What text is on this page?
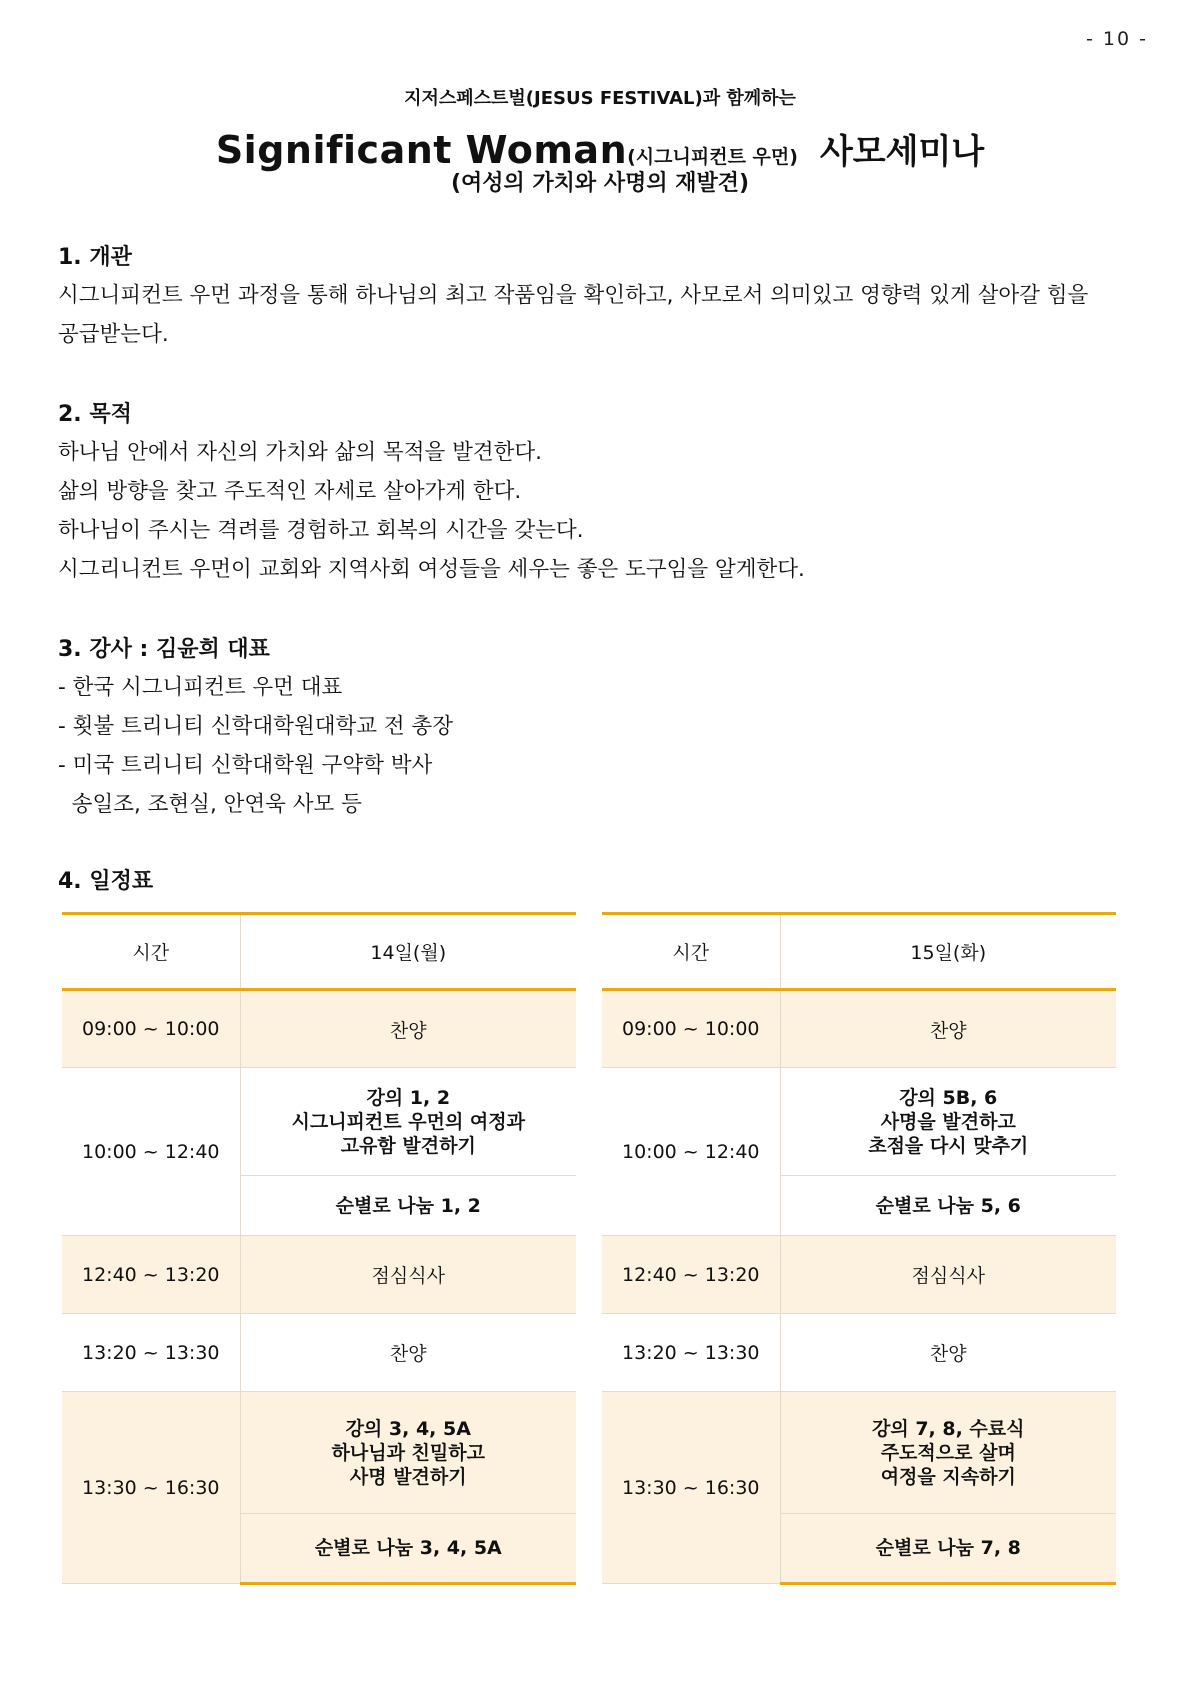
- 10 -
지저스페스트벌(JESUS FESTIVAL)과 함께하는
Significant Woman(시그니피컨트 우먼) 사모세미나
(여성의 가치와 사명의 재발견)

1. 개관

시그니피컨트 우먼 과정을 통해 하나님의 최고 작품임을 확인하고, 사모로서 의미있고 영향력 있게 살아갈 힘을 공급받는다.

2. 목적

하나님 안에서 자신의 가치와 삶의 목적을 발견한다.

삶의 방향을 찾고 주도적인 자세로 살아가게 한다.

하나님이 주시는 격려를 경험하고 회복의 시간을 갖는다.

시그리니컨트 우먼이 교회와 지역사회 여성들을 세우는 좋은 도구임을 알게한다.

3. 강사 : 김윤희 대표

- 한국 시그니피컨트 우먼 대표

- 횟불 트리니티 신학대학원대학교 전 총장

- 미국 트리니티 신학대학원 구약학 박사

송일조, 조현실, 안연욱 사모 등

4. 일정표

시간	14일(월)
09:00 ~ 10:00	찬양
10:00 ~ 12:40	강의 1, 2
시그니피컨트 우먼의 여정과
고유함 발견하기

	순별로 나눔 1, 2
12:40 ~ 13:20	점심식사
13:20 ~ 13:30	찬양
13:30 ~ 16:30	강의 3, 4, 5A
하나님과 친밀하고
사명 발견하기

	순별로 나눔 3, 4, 5A
시간	15일(화)
09:00 ~ 10:00	찬양
10:00 ~ 12:40	강의 5B, 6
사명을 발견하고
초점을 다시 맞추기

	순별로 나눔 5, 6
12:40 ~ 13:20	점심식사
13:20 ~ 13:30	찬양
13:30 ~ 16:30	강의 7, 8, 수료식
주도적으로 살며
여정을 지속하기

	순별로 나눔 7, 8
